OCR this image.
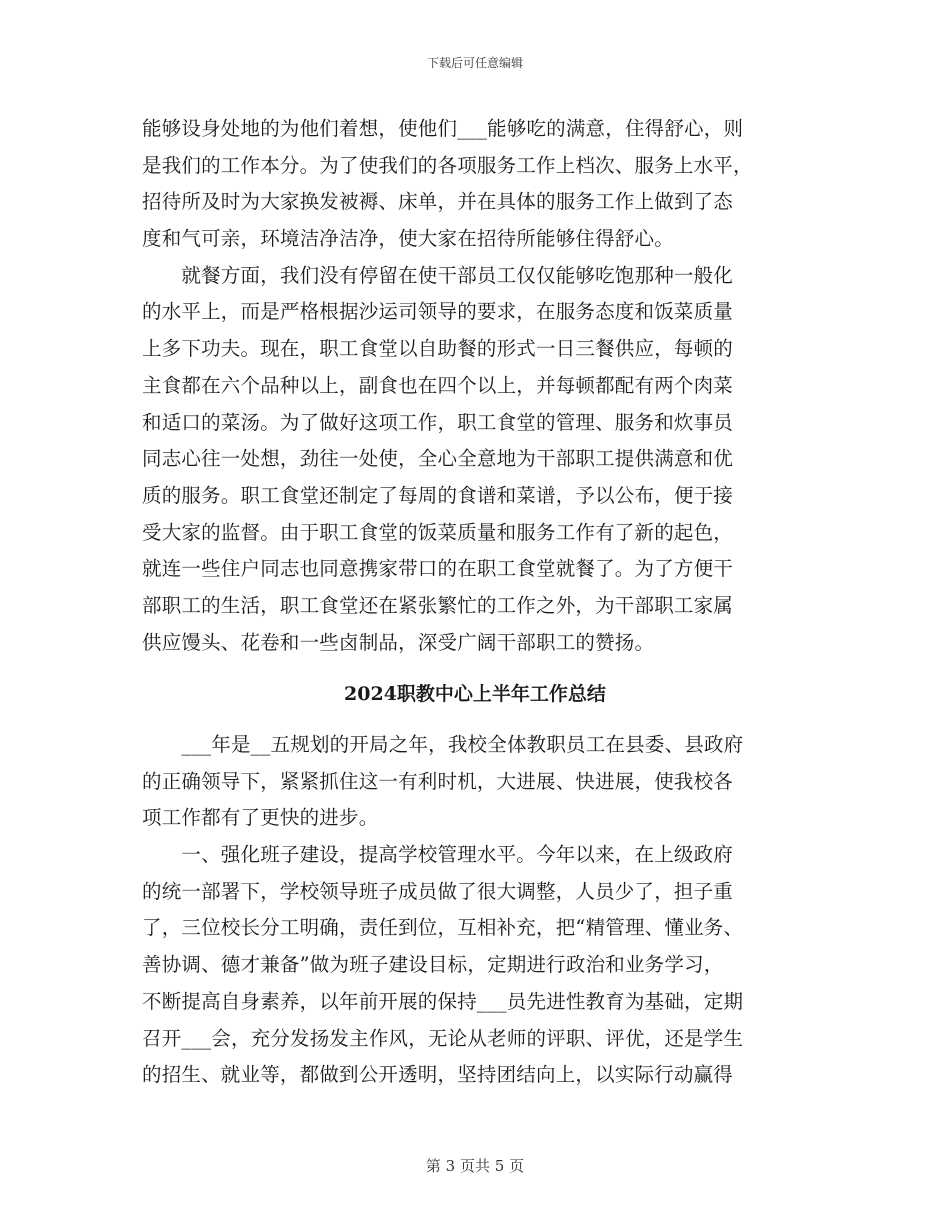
下载后可任意编辑
能够设身处地的为他们着想，使他们___能够吃的满意，住得舒心，则
是我们的工作本分。为了使我们的各项服务工作上档次、服务上水平，
招待所及时为大家换发被褥、床单，并在具体的服务工作上做到了态
度和气可亲，环境洁净洁净，使大家在招待所能够住得舒心。
　　就餐方面，我们没有停留在使干部员工仅仅能够吃饱那种一般化
的水平上，而是严格根据沙运司领导的要求，在服务态度和饭菜质量
上多下功夫。现在，职工食堂以自助餐的形式一日三餐供应，每顿的
主食都在六个品种以上，副食也在四个以上，并每顿都配有两个肉菜
和适口的菜汤。为了做好这项工作，职工食堂的管理、服务和炊事员
同志心往一处想，劲往一处使，全心全意地为干部职工提供满意和优
质的服务。职工食堂还制定了每周的食谱和菜谱，予以公布，便于接
受大家的监督。由于职工食堂的饭菜质量和服务工作有了新的起色，
就连一些住户同志也同意携家带口的在职工食堂就餐了。为了方便干
部职工的生活，职工食堂还在紧张繁忙的工作之外，为干部职工家属
供应馒头、花卷和一些卤制品，深受广阔干部职工的赞扬。
2024职教中心上半年工作总结
　　___年是__五规划的开局之年，我校全体教职员工在县委、县政府
的正确领导下，紧紧抓住这一有利时机，大进展、快进展，使我校各
项工作都有了更快的进步。
　　一、强化班子建设，提高学校管理水平。今年以来，在上级政府
的统一部署下，学校领导班子成员做了很大调整，人员少了，担子重
了，三位校长分工明确，责任到位，互相补充，把“精管理、懂业务、
善协调、德才兼备”做为班子建设目标，定期进行政治和业务学习，
不断提高自身素养，以年前开展的保持___员先进性教育为基础，定期
召开___会，充分发扬发主作风，无论从老师的评职、评优，还是学生
的招生、就业等，都做到公开透明，坚持团结向上，以实际行动赢得
第 3 页共 5 页
